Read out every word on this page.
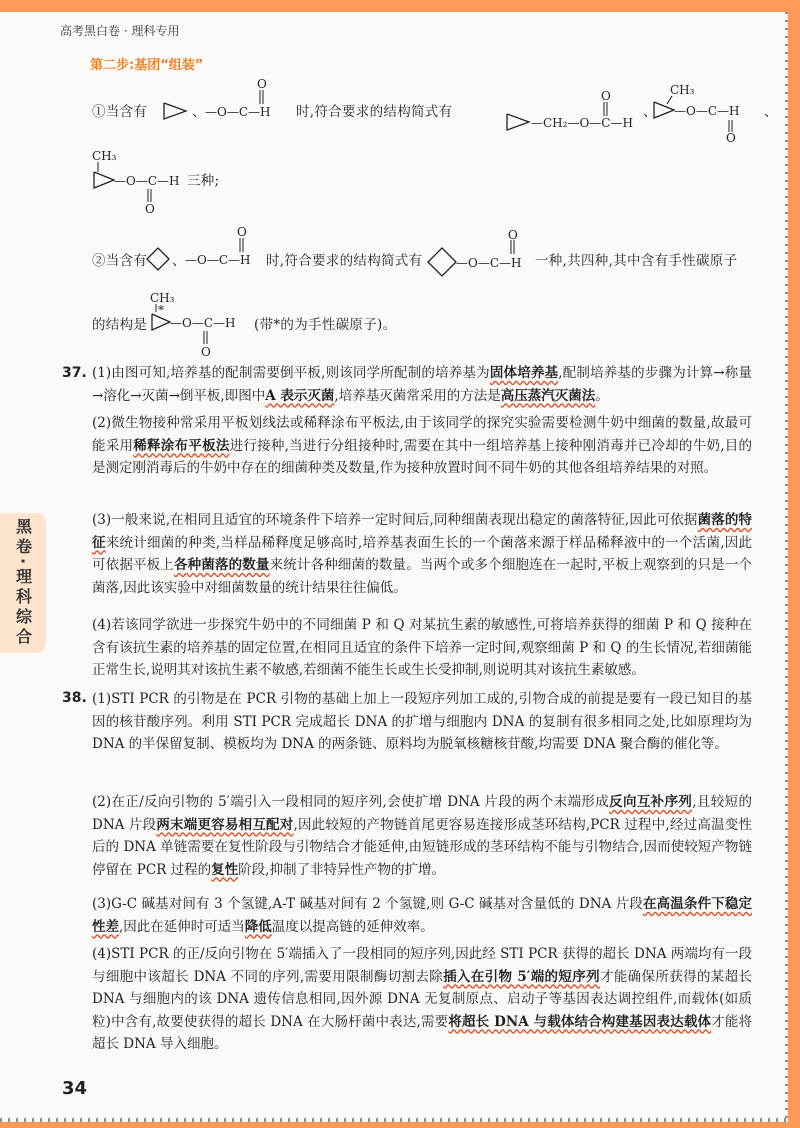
高考黑白卷 · 理科专用
第二步:基团“组装”
①当含有	、 —O—C—H
O
时,符合要求的结构简式有
—CH₂—O—C—H
O
、
CH₃
—O—C—H
O
、
CH₃
—O—C—H
O
三种;
②当含有 、 —O—C—H
O
时,符合要求的结构简式有	—O—C—H
O
一种,共四种,其中含有手性碳原子
的结构是
CH₃
*
—O—C—H
O
(带*的为手性碳原子)。
黑卷·理科综合
37. (1)由图可知,培养基的配制需要倒平板,则该同学所配制的培养基为固体培养基,配制培养基的步骤为计算→称量→溶化→灭菌→倒平板,即图中A 表示灭菌,培养基灭菌常采用的方法是高压蒸汽灭菌法。
(2)微生物接种常采用平板划线法或稀释涂布平板法,由于该同学的探究实验需要检测牛奶中细菌的数量,故最可能采用稀释涂布平板法进行接种,当进行分组接种时,需要在其中一组培养基上接种刚消毒并已冷却的牛奶,目的是测定刚消毒后的牛奶中存在的细菌种类及数量,作为接种放置时间不同牛奶的其他各组培养结果的对照。
(3)一般来说,在相同且适宜的环境条件下培养一定时间后,同种细菌表现出稳定的菌落特征,因此可依据菌落的特征来统计细菌的种类,当样品稀释度足够高时,培养基表面生长的一个菌落来源于样品稀释液中的一个活菌,因此可依据平板上各种菌落的数量来统计各种细菌的数量。当两个或多个细胞连在一起时,平板上观察到的只是一个菌落,因此该实验中对细菌数量的统计结果往往偏低。
(4)若该同学欲进一步探究牛奶中的不同细菌 P 和 Q 对某抗生素的敏感性,可将培养获得的细菌 P 和 Q 接种在含有该抗生素的培养基的固定位置,在相同且适宜的条件下培养一定时间,观察细菌 P 和 Q 的生长情况,若细菌能正常生长,说明其对该抗生素不敏感,若细菌不能生长或生长受抑制,则说明其对该抗生素敏感。
38. (1)STI PCR 的引物是在 PCR 引物的基础上加上一段短序列加工成的,引物合成的前提是要有一段已知目的基因的核苷酸序列。利用 STI PCR 完成超长 DNA 的扩增与细胞内 DNA 的复制有很多相同之处,比如原理均为 DNA 的半保留复制、模板均为 DNA 的两条链、原料均为脱氧核糖核苷酸,均需要 DNA 聚合酶的催化等。
(2)在正/反向引物的 5′端引入一段相同的短序列,会使扩增 DNA 片段的两个末端形成反向互补序列,且较短的 DNA 片段两末端更容易相互配对,因此较短的产物链首尾更容易连接形成茎环结构,PCR 过程中,经过高温变性后的 DNA 单链需要在复性阶段与引物结合才能延伸,由短链形成的茎环结构不能与引物结合,因而使较短产物链停留在 PCR 过程的复性阶段,抑制了非特异性产物的扩增。
(3)G-C 碱基对间有 3 个氢键,A-T 碱基对间有 2 个氢键,则 G-C 碱基对含量低的 DNA 片段在高温条件下稳定性差,因此在延伸时可适当降低温度以提高链的延伸效率。
(4)STI PCR 的正/反向引物在 5′端插入了一段相同的短序列,因此经 STI PCR 获得的超长 DNA 两端均有一段与细胞中该超长 DNA 不同的序列,需要用限制酶切割去除插入在引物 5′端的短序列才能确保所获得的某超长 DNA 与细胞内的该 DNA 遗传信息相同,因外源 DNA 无复制原点、启动子等基因表达调控组件,而载体(如质粒)中含有,故要使获得的超长 DNA 在大肠杆菌中表达,需要将超长 DNA 与载体结合构建基因表达载体才能将超长 DNA 导入细胞。
34
